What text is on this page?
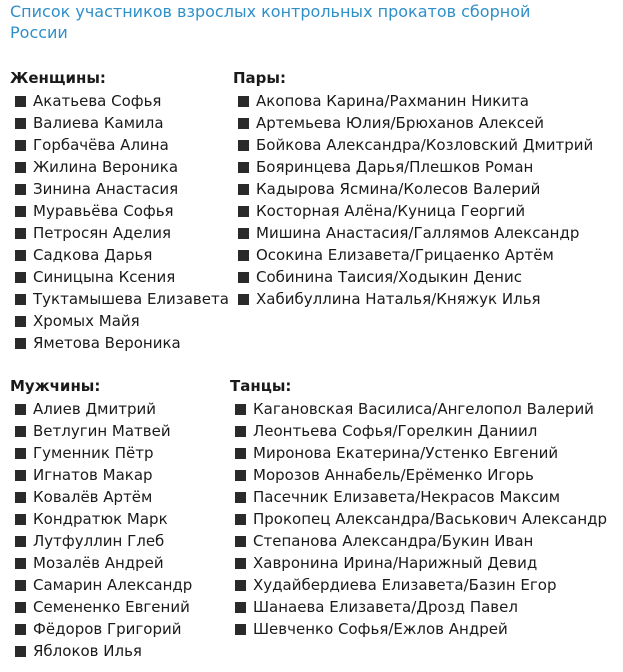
Список участников взрослых контрольных прокатов сборной России
Женщины:
Акатьева Софья
Валиева Камила
Горбачёва Алина
Жилина Вероника
Зинина Анастасия
Муравьёва Софья
Петросян Аделия
Садкова Дарья
Синицына Ксения
Туктамышева Елизавета
Хромых Майя
Яметова Вероника
Пары:
Акопова Карина/Рахманин Никита
Артемьева Юлия/Брюханов Алексей
Бойкова Александра/Козловский Дмитрий
Бояринцева Дарья/Плешков Роман
Кадырова Ясмина/Колесов Валерий
Косторная Алёна/Куница Георгий
Мишина Анастасия/Галлямов Александр
Осокина Елизавета/Грицаенко Артём
Собинина Таисия/Ходыкин Денис
Хабибуллина Наталья/Княжук Илья
Мужчины:
Алиев Дмитрий
Ветлугин Матвей
Гуменник Пётр
Игнатов Макар
Ковалёв Артём
Кондратюк Марк
Лутфуллин Глеб
Мозалёв Андрей
Самарин Александр
Семененко Евгений
Фёдоров Григорий
Яблоков Илья
Танцы:
Кагановская Василиса/Ангелопол Валерий
Леонтьева Софья/Горелкин Даниил
Миронова Екатерина/Устенко Евгений
Морозов Аннабель/Ерёменко Игорь
Пасечник Елизавета/Некрасов Максим
Прокопец Александра/Васькович Александр
Степанова Александра/Букин Иван
Хавронина Ирина/Нарижный Девид
Худайбердиева Елизавета/Базин Егор
Шанаева Елизавета/Дрозд Павел
Шевченко Софья/Ежлов Андрей
